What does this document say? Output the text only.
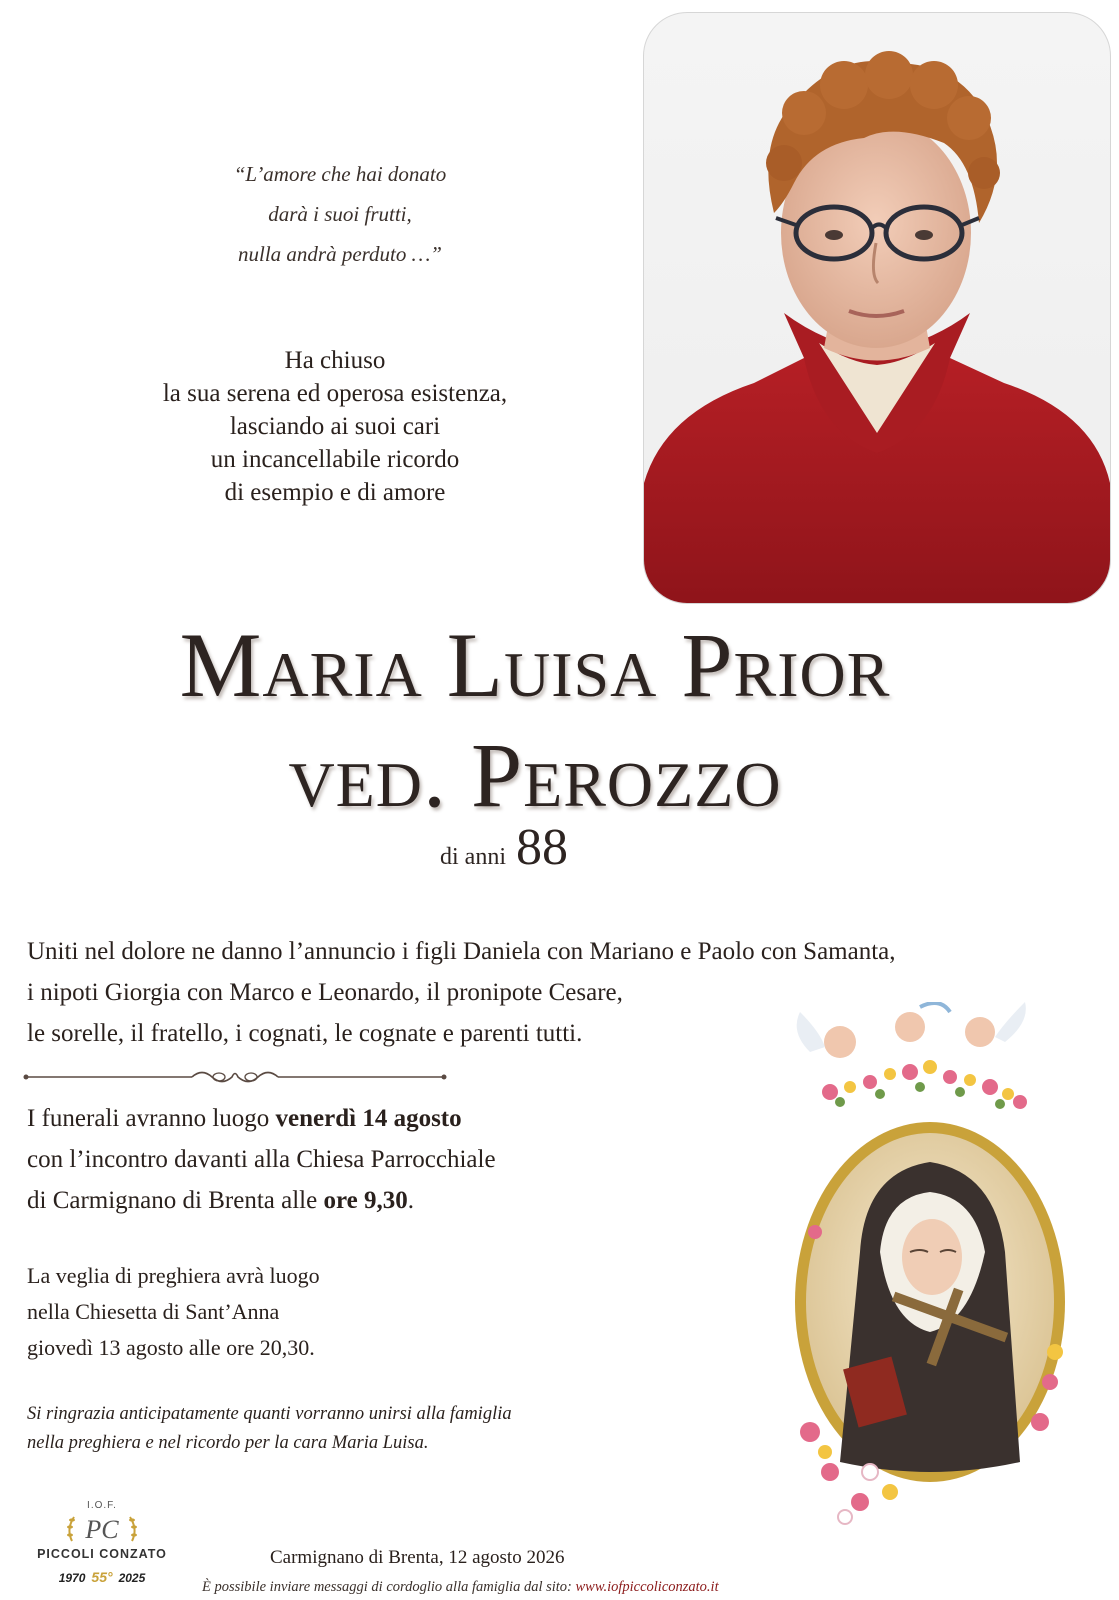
“L’amore che hai donato
darà i suoi frutti,
nulla andrà perduto …”
Ha chiuso
la sua serena ed operosa esistenza,
lasciando ai suoi cari
un incancellabile ricordo
di esempio e di amore
Maria Luisa Prior
ved. Perozzo
di anni 88
Uniti nel dolore ne danno l’annuncio i figli Daniela con Mariano e Paolo con Samanta,
i nipoti Giorgia con Marco e Leonardo, il pronipote Cesare,
le sorelle, il fratello, i cognati, le cognate e parenti tutti.
I funerali avranno luogo venerdì 14 agosto
con l’incontro davanti alla Chiesa Parrocchiale
di Carmignano di Brenta alle ore 9,30.
La veglia di preghiera avrà luogo
nella Chiesetta di Sant’Anna
giovedì 13 agosto alle ore 20,30.
Si ringrazia anticipatamente quanti vorranno unirsi alla famiglia
nella preghiera e nel ricordo per la cara Maria Luisa.
I.O.F.
PC
PICCOLI CONZATO
1970 55° 2025
Carmignano di Brenta, 12 agosto 2026
È possibile inviare messaggi di cordoglio alla famiglia dal sito: www.iofpiccoliconzato.it
